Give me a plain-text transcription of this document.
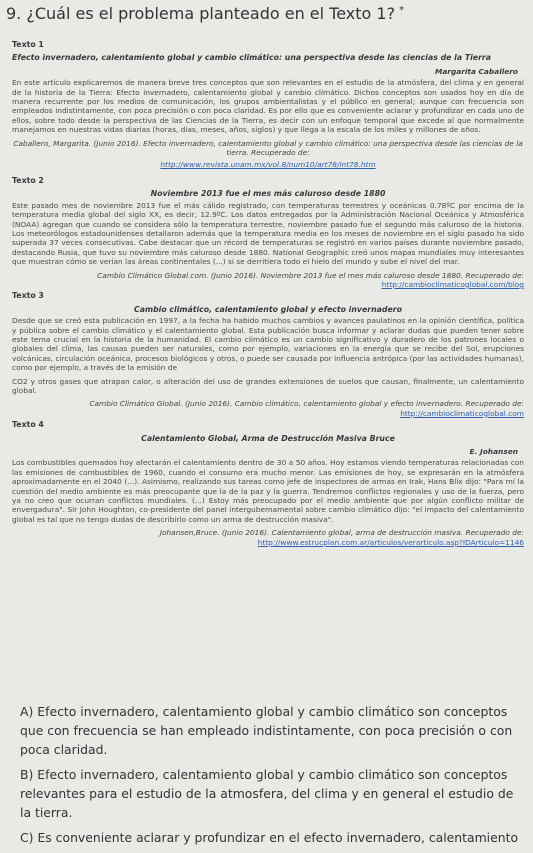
9. ¿Cuál es el problema planteado en el Texto 1? *
Texto 1
Efecto invernadero, calentamiento global y cambio climático: una perspectiva desde las ciencias de la Tierra
Margarita Caballero
En este artículo explicaremos de manera breve tres conceptos que son relevantes en el estudio de la atmósfera, del clima y en general de la historia de la Tierra: Efecto invernadero, calentamiento global y cambio climático. Dichos conceptos son usados hoy en día de manera recurrente por los medios de comunicación, los grupos ambientalistas y el público en general; aunque con frecuencia son empleados indistintamente, con poca precisión o con poca claridad. Es por ello que es conveniente aclarar y profundizar en cada uno de ellos, sobre todo desde la perspectiva de las Ciencias de la Tierra, es decir con un enfoque temporal que excede al que normalmente manejamos en nuestras vidas diarias (horas, días, meses, años, siglos) y que llega a la escala de los miles y millones de años.
Caballero, Margarita. (Junio 2016). Efecto invernadero, calentamiento global y cambio climático: una perspectiva desde las ciencias de la tierra. Recuperado de:
http://www.revista.unam.mx/vol.8/num10/art78/int78.htm
Texto 2
Noviembre 2013 fue el mes más caluroso desde 1880
Este pasado mes de noviembre 2013 fue el más cálido registrado, con temperaturas terrestres y oceánicas 0.78ºC por encima de la temperatura media global del siglo XX, es decir, 12.9ºC. Los datos entregados por la Administración Nacional Oceánica y Atmosférica (NOAA) agregan que cuando se considera sólo la temperatura terrestre, noviembre pasado fue el segundo más caluroso de la historia. Los meteorólogos estadounidenses detallaron además que la temperatura media en los meses de noviembre en el siglo pasado ha sido superada 37 veces consecutivas. Cabe destacar que un récord de temperaturas se registró en varios países durante noviembre pasado, destacando Rusia, que tuvo su noviembre más caluroso desde 1880. National Geographic creó unos mapas mundiales muy interesantes que muestran cómo se verían las áreas continentales (...) si se derritiera todo el hielo del mundo y sube el nivel del mar.
Cambio Climático Global.com. (Junio 2016). Noviembre 2013 fue el mes más caluroso desde 1880. Recuperado de:
http://cambioclimaticoglobal.com/blog
Texto 3
Cambio climático, calentamiento global y efecto invernadero
Desde que se creó esta publicación en 1997, a la fecha ha habido muchos cambios y avances paulatinos en la opinión científica, política y pública sobre el cambio climático y el calentamiento global. Esta publicación busca informar y aclarar dudas que pueden tener sobre este tema crucial en la historia de la humanidad. El cambio climático es un cambio significativo y duradero de los patrones locales o globales del clima, las causas pueden ser naturales, como por ejemplo, variaciones en la energía que se recibe del Sol, erupciones volcánicas, circulación oceánica, procesos biológicos y otros, o puede ser causada por influencia antrópica (por las actividades humanas), como por ejemplo, a través de la emisión de
CO2 y otros gases que atrapan calor, o alteración del uso de grandes extensiones de suelos que causan, finalmente, un calentamiento global.
Cambio Climático Global. (Junio 2016). Cambio climático, calentamiento global y efecto invernadero. Recuperado de:
http://cambioclimaticoglobal.com
Texto 4
Calentamiento Global, Arma de Destrucción Masiva Bruce
E. Johansen
Los combustibles quemados hoy afectarán el calentamiento dentro de 30 a 50 años. Hoy estamos viendo temperaturas relacionadas con las emisiones de combustibles de 1960, cuando el consumo era mucho menor. Las emisiones de hoy, se expresarán en la atmósfera aproximadamente en el 2040 (...). Asimismo, realizando sus tareas como jefe de inspectores de armas en Irak, Hans Blix dijo: "Para mí la cuestión del medio ambiente es más preocupante que la de la paz y la guerra. Tendremos conflictos regionales y uso de la fuerza, pero ya no creo que ocurran conflictos mundiales. (...) Estoy más preocupado por el medio ambiente que por algún conflicto militar de envergadura". Sir John Houghton, co-presidente del panel intergubernamental sobre cambio climático dijo: "el impacto del calentamiento global es tal que no tengo dudas de describirlo como un arma de destrucción masiva".
Johansen,Bruce. (Junio 2016). Calentamiento global, arma de destrucción masiva. Recuperado de:
http://www.estrucplan.com.ar/articulos/verarticulo.asp?IDArticulo=1146
A) Efecto invernadero, calentamiento global y cambio climático son conceptos que con frecuencia se han empleado indistintamente, con poca precisión o con poca claridad.
B) Efecto invernadero, calentamiento global y cambio climático son conceptos relevantes para el estudio de la atmosfera, del clima y en general el estudio de la tierra.
C) Es conveniente aclarar y profundizar en el efecto invernadero, calentamiento
